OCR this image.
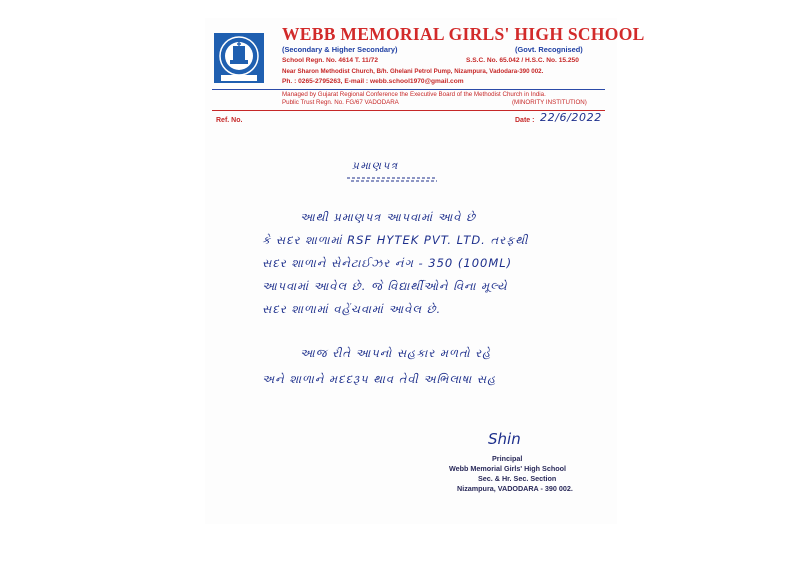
WEBB MEMORIAL GIRLS' HIGH SCHOOL
(Secondary & Higher Secondary)	(Govt. Recognised)
School Regn. No. 4614 T. 11/72	S.S.C. No. 65.042 / H.S.C. No. 15.250
Near Sharon Methodist Church, B/h. Ghelani Petrol Pump, Nizampura, Vadodara-390 002.
Ph. : 0265-2795263, E-mail : webb.school1970@gmail.com
Managed by Gujarat Regional Conference the Executive Board of the Methodist Church in India.
Public Trust Regn. No. FG/67 VADODARA	(MINORITY INSTITUTION)
Ref. No.	Date : 22/6/2022
પ્રમાણપત્ર
આથી પ્રમાણપત્ર આપવામાં આવે છે
કે સદર શાળામાં RSF HYTEK PVT. LTD. તરફથી
સદર શાળાને સેનેટાઈઝર નંગ - 350 (100ML)
આપવામાં આવેલ છે. જે વિદ્યાર્થીઓને વિના મૂલ્યે
સદર શાળામાં વહેંચવામાં આવેલ છે.
આજ રીતે આપનો સહકાર મળતો રહે
અને શાળાને મદદરૂપ થાવ તેવી અભિલાષા સહ
Shin
Principal
Webb Memorial Girls' High School
Sec. & Hr. Sec. Section
Nizampura, VADODARA - 390 002.
